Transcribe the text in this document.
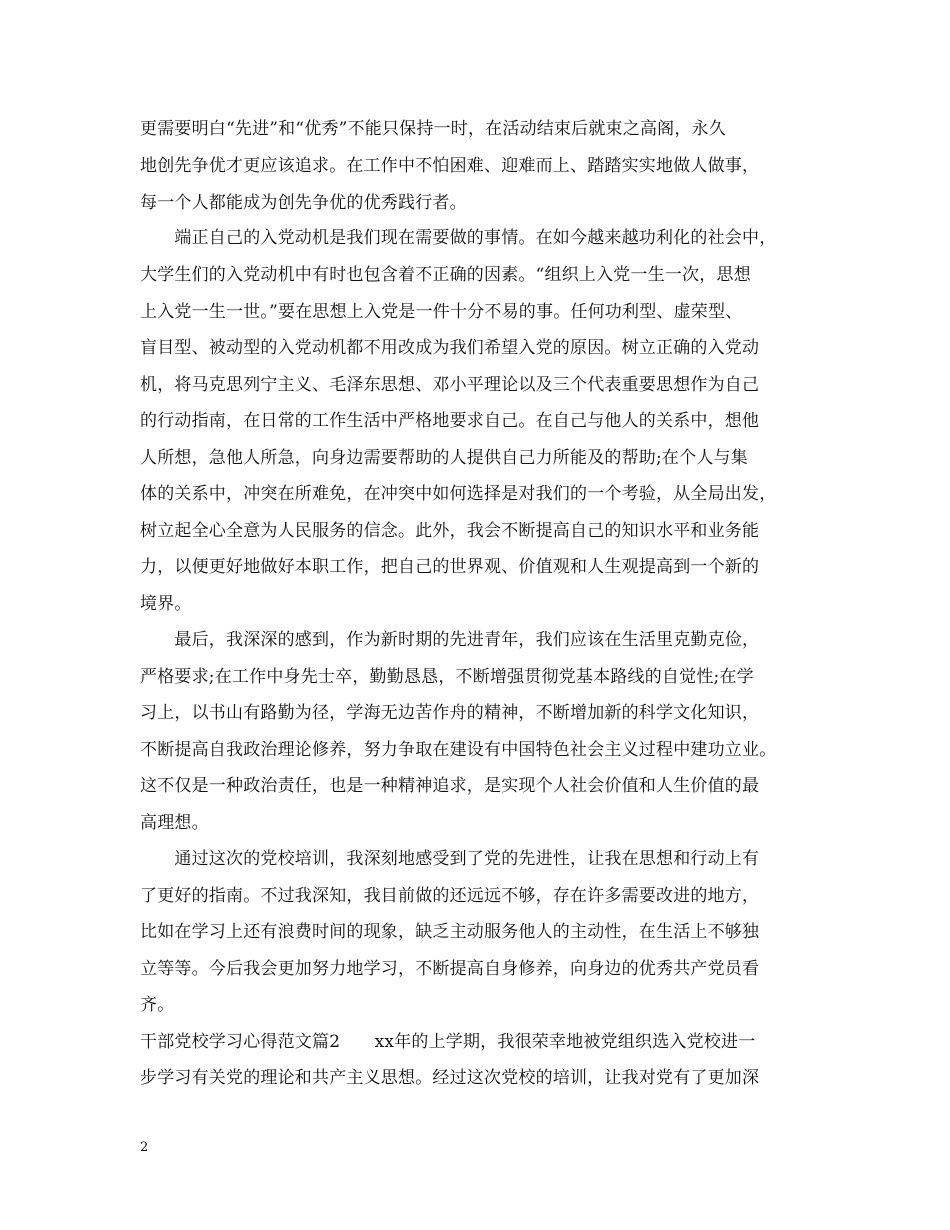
更需要明白“先进”和“优秀”不能只保持一时，在活动结束后就束之高阁，永久
地创先争优才更应该追求。在工作中不怕困难、迎难而上、踏踏实实地做人做事，
每一个人都能成为创先争优的优秀践行者。
　　端正自己的入党动机是我们现在需要做的事情。在如今越来越功利化的社会中，
大学生们的入党动机中有时也包含着不正确的因素。“组织上入党一生一次，思想
上入党一生一世。”要在思想上入党是一件十分不易的事。任何功利型、虚荣型、
盲目型、被动型的入党动机都不用改成为我们希望入党的原因。树立正确的入党动
机，将马克思列宁主义、毛泽东思想、邓小平理论以及三个代表重要思想作为自己
的行动指南，在日常的工作生活中严格地要求自己。在自己与他人的关系中，想他
人所想，急他人所急，向身边需要帮助的人提供自己力所能及的帮助;在个人与集
体的关系中，冲突在所难免，在冲突中如何选择是对我们的一个考验，从全局出发，
树立起全心全意为人民服务的信念。此外，我会不断提高自己的知识水平和业务能
力，以便更好地做好本职工作，把自己的世界观、价值观和人生观提高到一个新的
境界。
　　最后，我深深的感到，作为新时期的先进青年，我们应该在生活里克勤克俭，
严格要求;在工作中身先士卒，勤勤恳恳，不断增强贯彻党基本路线的自觉性;在学
习上，以书山有路勤为径，学海无边苦作舟的精神，不断增加新的科学文化知识，
不断提高自我政治理论修养，努力争取在建设有中国特色社会主义过程中建功立业。
这不仅是一种政治责任，也是一种精神追求，是实现个人社会价值和人生价值的最
高理想。
　　通过这次的党校培训，我深刻地感受到了党的先进性，让我在思想和行动上有
了更好的指南。不过我深知，我目前做的还远远不够，存在许多需要改进的地方，
比如在学习上还有浪费时间的现象，缺乏主动服务他人的主动性，在生活上不够独
立等等。今后我会更加努力地学习，不断提高自身修养，向身边的优秀共产党员看
齐。
干部党校学习心得范文篇2　　xx年的上学期，我很荣幸地被党组织选入党校进一
步学习有关党的理论和共产主义思想。经过这次党校的培训，让我对党有了更加深
2
